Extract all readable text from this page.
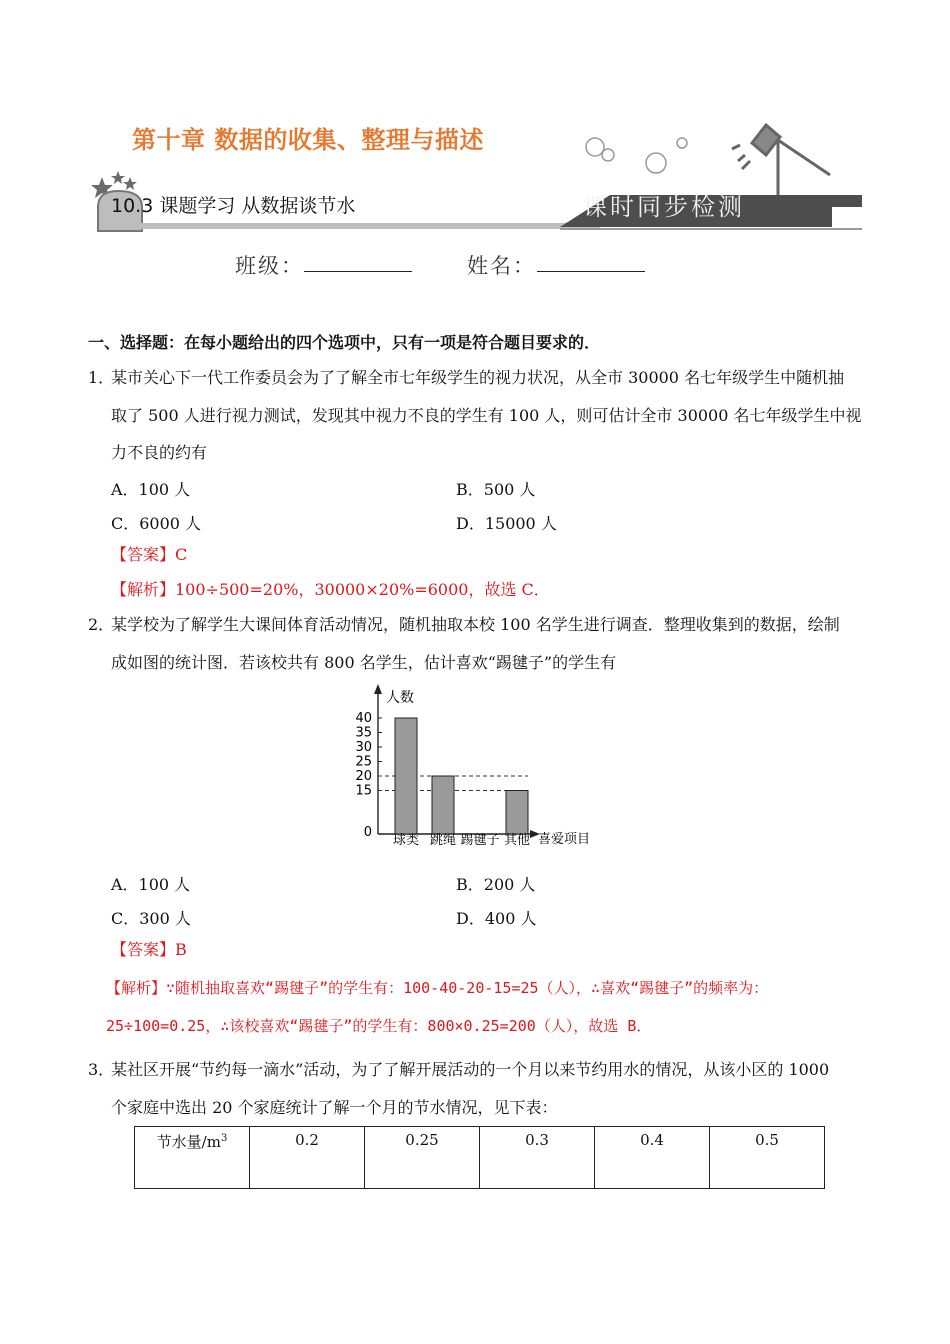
第十章 数据的收集、整理与描述
10.3 课题学习 从数据谈节水	课时同步检测
班级：	姓名：
一、选择题：在每小题给出的四个选项中，只有一项是符合题目要求的．
1．
某市关心下一代工作委员会为了了解全市七年级学生的视力状况，从全市 30000 名七年级学生中随机抽
取了 500 人进行视力测试，发现其中视力不良的学生有 100 人，则可估计全市 30000 名七年级学生中视
力不良的约有
A．100 人	B．500 人
C．6000 人	D．15000 人
【答案】C
【解析】100÷500=20%，30000×20%=6000，故选 C．
2．
某学校为了解学生大课间体育活动情况，随机抽取本校 100 名学生进行调查．整理收集到的数据，绘制
成如图的统计图．若该校共有 800 名学生，估计喜欢“踢毽子”的学生有
人数
喜爱项目
0
15
20
25
30
35
40
球类 跳绳 踢毽子 其他
A．100 人	B．200 人
C．300 人	D．400 人
【答案】B
【解析】∵随机抽取喜欢“踢毽子”的学生有：100-40-20-15=25（人），∴喜欢“踢毽子”的频率为：
25÷100=0.25，∴该校喜欢“踢毽子”的学生有：800×0.25=200（人），故选 B．
3．
某社区开展“节约每一滴水”活动，为了了解开展活动的一个月以来节约用水的情况，从该小区的 1000
个家庭中选出 20 个家庭统计了解一个月的节水情况，见下表：
节水量$/m^3$	0.2	0.25	0.3	0.4	0.5
